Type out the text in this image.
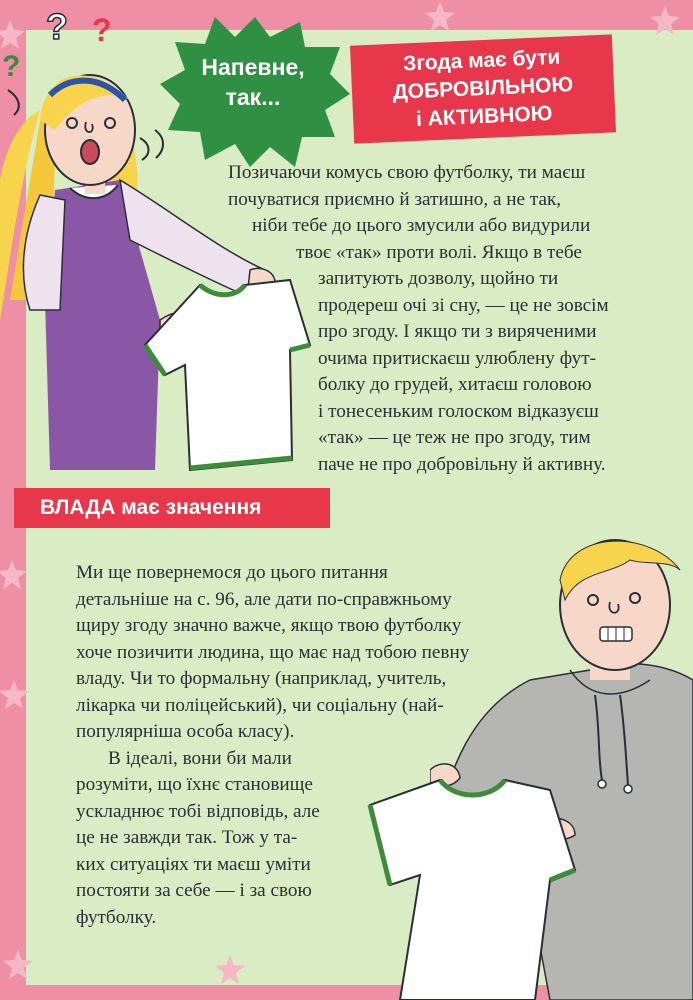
? ?
?	Напевне,
так...
Згода має бути
ДОБРОВІЛЬНОЮ
і АКТИВНОЮ
Позичаючи комусь свою футболку, ти маєш
почуватися приємно й затишно, а не так,
ніби тебе до цього змусили або видурили
твоє «так» проти волі. Якщо в тебе
запитують дозволу, щойно ти
продереш очі зі сну, — це не зовсім
про згоду. І якщо ти з виряченими
очима притискаєш улюблену фут-
болку до грудей, хитаєш головою
і тонесеньким голоском відказуєш
«так» — це теж не про згоду, тим
паче не про добровільну й активну.
ВЛАДА має значення
Ми ще повернемося до цього питання
детальніше на с. 96, але дати по-справжньому
щиру згоду значно важче, якщо твою футболку
хоче позичити людина, що має над тобою певну
владу. Чи то формальну (наприклад, учитель,
лікарка чи поліцейський), чи соціальну (най-
популярніша особа класу).
В ідеалі, вони би мали
розуміти, що їхнє становище
ускладнює тобі відповідь, але
це не завжди так. Тож у та-
ких ситуаціях ти маєш уміти
постояти за себе — і за свою
футболку.
